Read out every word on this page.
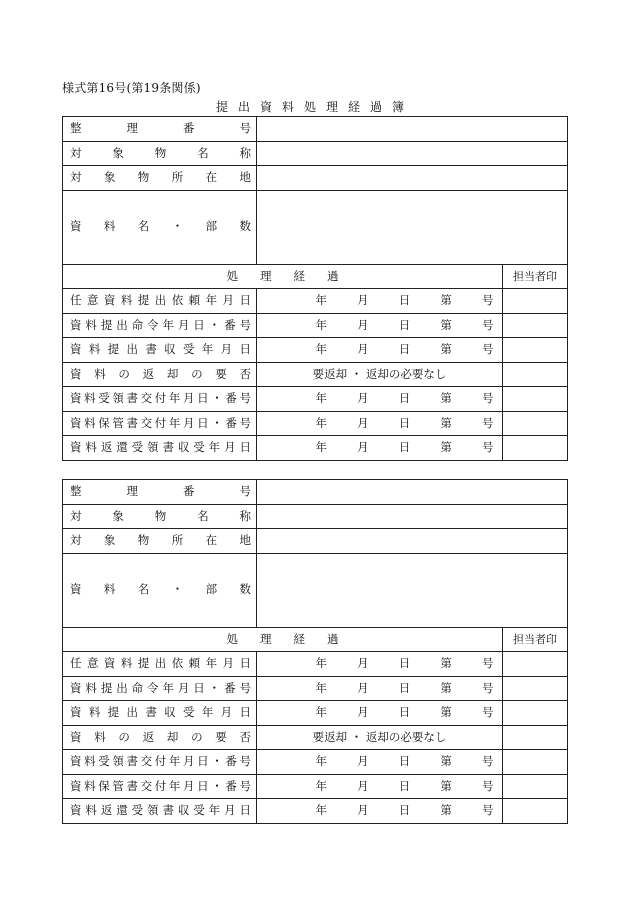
様式第16号(第19条関係)
提出資料処理経過簿
整理番号		
対象物名称		
対象物所在地		
資料名・部数		
処理経過		担当者印
任意資料提出依頼年月日	年 月 日 第 号	
資料提出命令年月日・番号	年 月 日 第 号	
資料提出書収受年月日	年 月 日 第 号	
資料の返却の要否	要返却 ・ 返却の必要なし	
資料受領書交付年月日・番号	年 月 日 第 号	
資料保管書交付年月日・番号	年 月 日 第 号	
資料返還受領書収受年月日	年 月 日 第 号	
整理番号		
対象物名称		
対象物所在地		
資料名・部数		
処理経過		担当者印
任意資料提出依頼年月日	年 月 日 第 号	
資料提出命令年月日・番号	年 月 日 第 号	
資料提出書収受年月日	年 月 日 第 号	
資料の返却の要否	要返却 ・ 返却の必要なし	
資料受領書交付年月日・番号	年 月 日 第 号	
資料保管書交付年月日・番号	年 月 日 第 号	
資料返還受領書収受年月日	年 月 日 第 号	
